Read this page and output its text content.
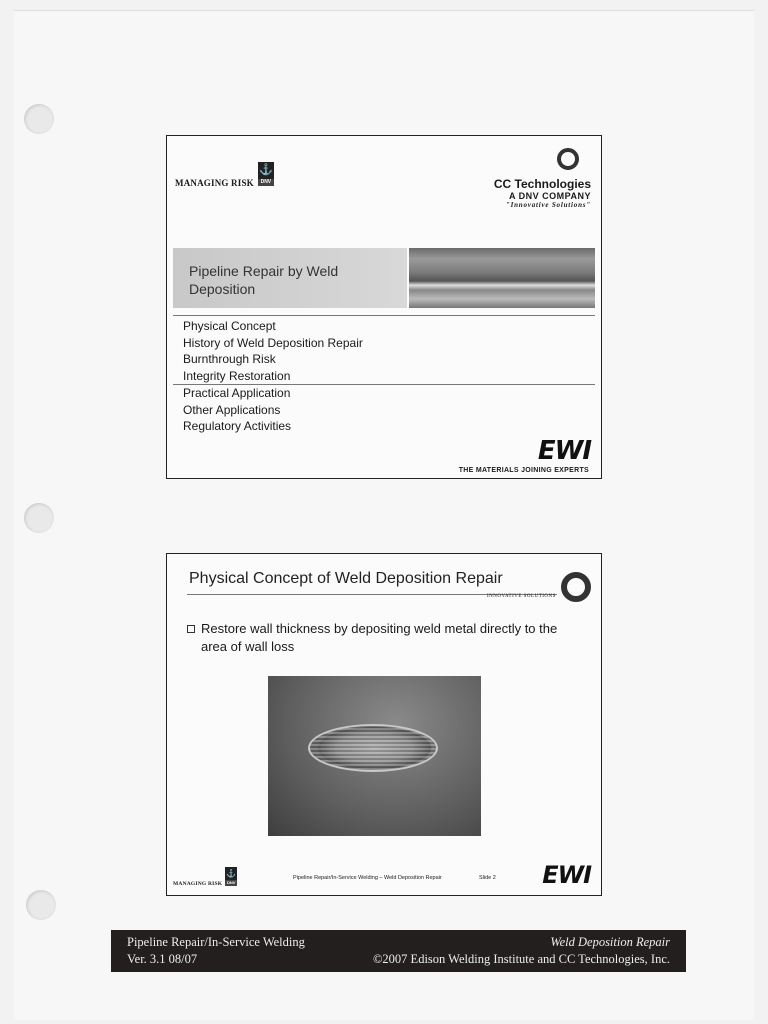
MANAGING RISK
⚓
DNV	CC Technologies
A DNV COMPANY
"Innovative Solutions"
Pipeline Repair by Weld Deposition
Physical Concept
History of Weld Deposition Repair
Burnthrough Risk
Integrity Restoration
Practical Application
Other Applications
Regulatory Activities
EWI
THE MATERIALS JOINING EXPERTS
Physical Concept of Weld Deposition Repair
INNOVATIVE SOLUTIONS
Restore wall thickness by depositing weld metal directly to the area of wall loss
MANAGING RISK
⚓
DNV
Pipeline Repair/In-Service Welding – Weld Deposition Repair	Slide 2 EWI
Pipeline Repair/In-Service Welding
Ver. 3.1 08/07
Weld Deposition Repair
©2007 Edison Welding Institute and CC Technologies, Inc.
